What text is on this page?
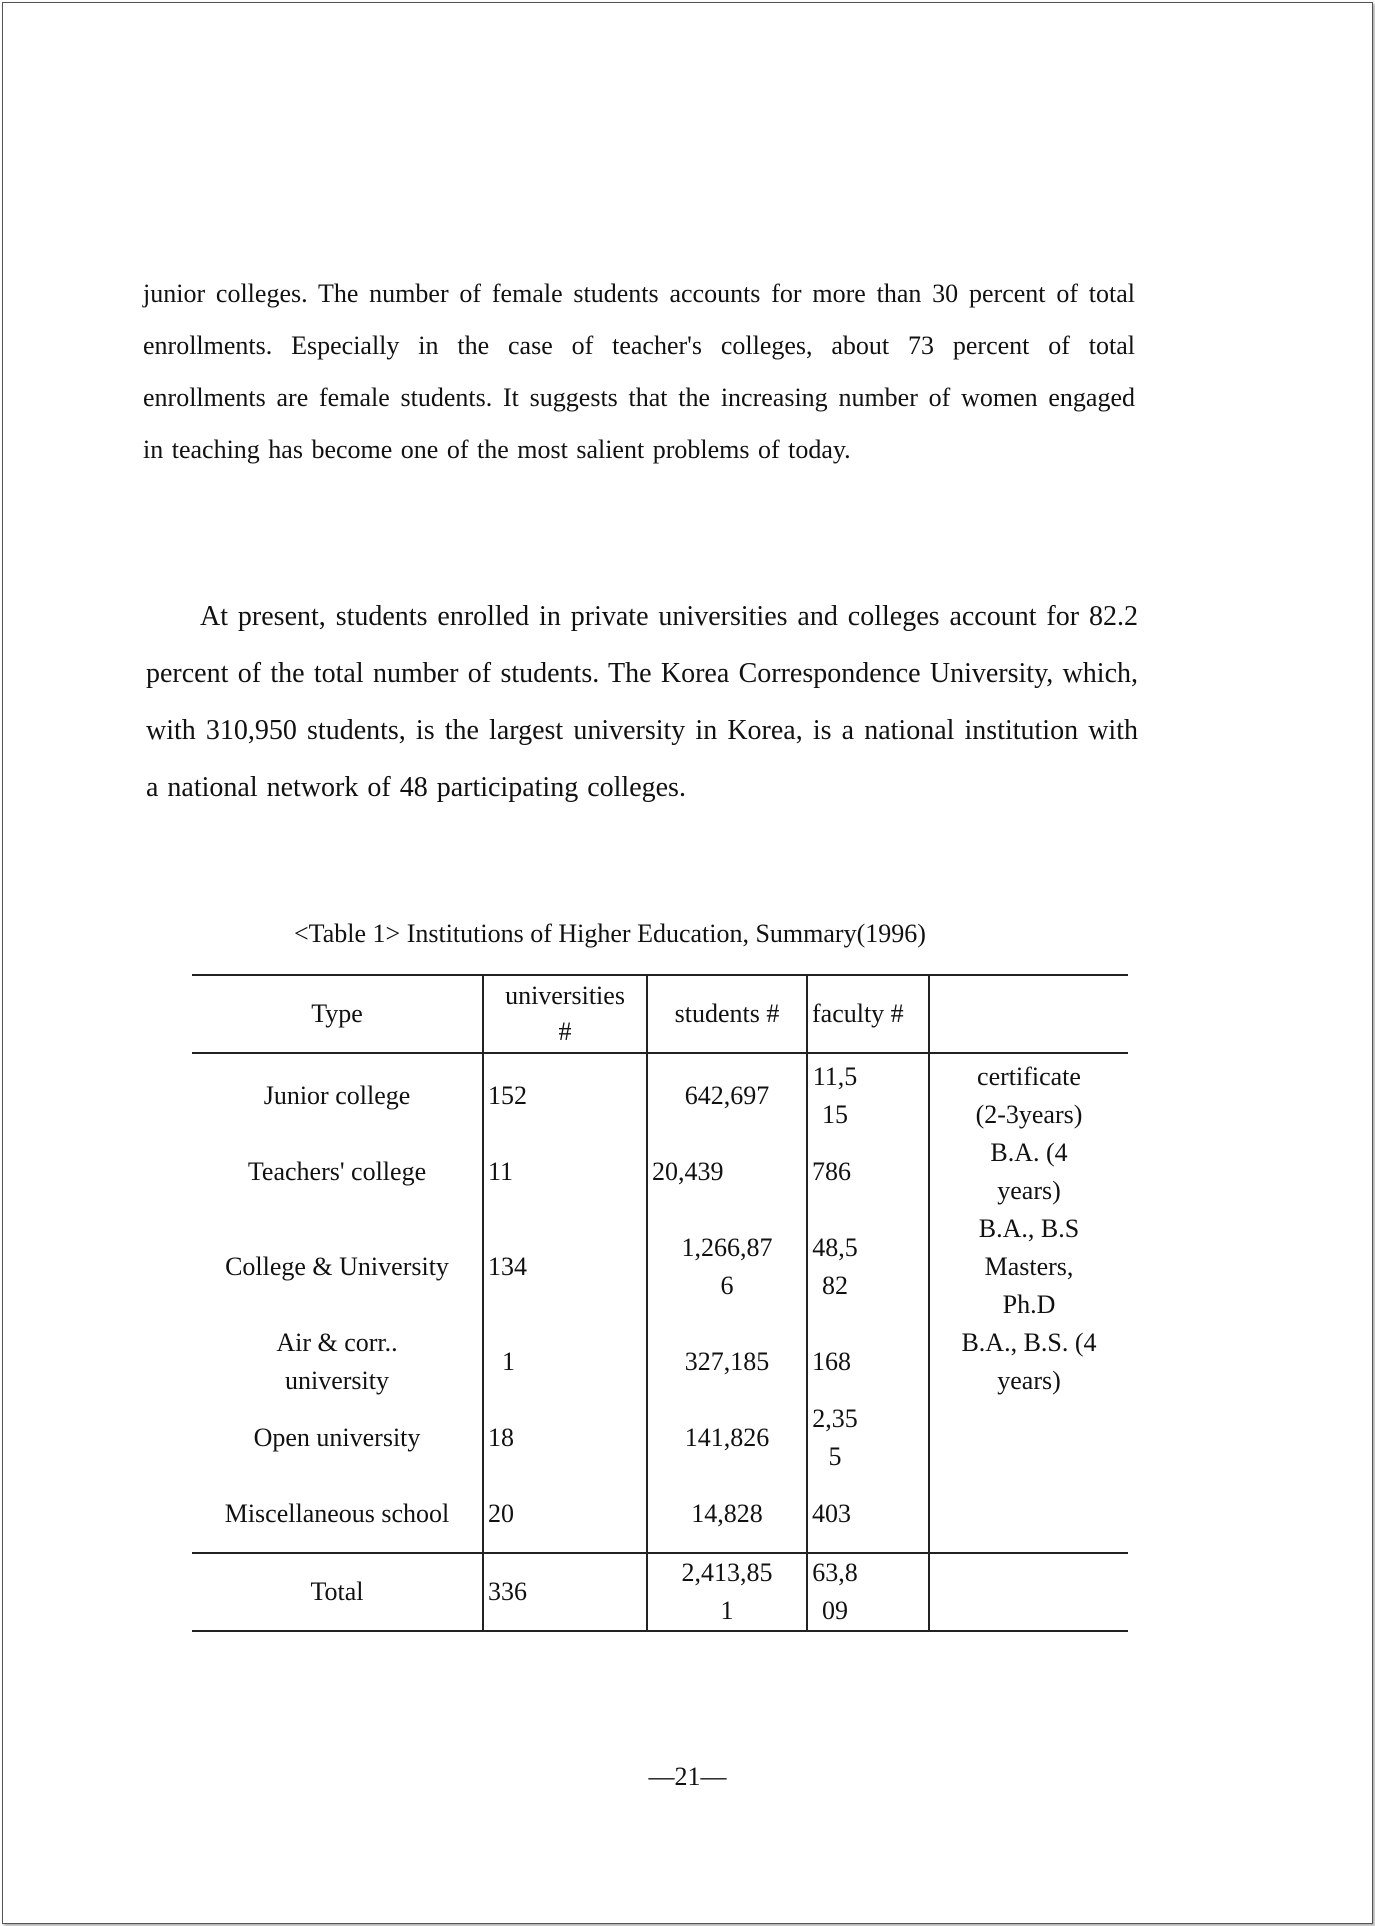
junior colleges. The number of female students accounts for more than 30 percent of total enrollments. Especially in the case of teacher's colleges, about 73 percent of total enrollments are female students. It suggests that the increasing number of women engaged in teaching has become one of the most salient problems of today.

At present, students enrolled in private universities and colleges account for 82.2 percent of the total number of students. The Korea Correspondence University, which, with 310,950 students, is the largest university in Korea, is a national institution with a national network of 48 participating colleges.

<Table 1> Institutions of Higher Education, Summary(1996)
Type	universities #	students #	faculty #	
Junior college	152	642,697	11,515	certificate (2-3years)
Teachers' college	11	20,439	786	B.A. (4 years)
College & University	134	1,266,876	48,582	B.A., B.S Masters, Ph.D
Air & corr.. university	1	327,185	168	B.A., B.S. (4 years)
Open university	18	141,826	2,355	
Miscellaneous school	20	14,828	403	
Total	336	2,413,851	63,809	
—21—
